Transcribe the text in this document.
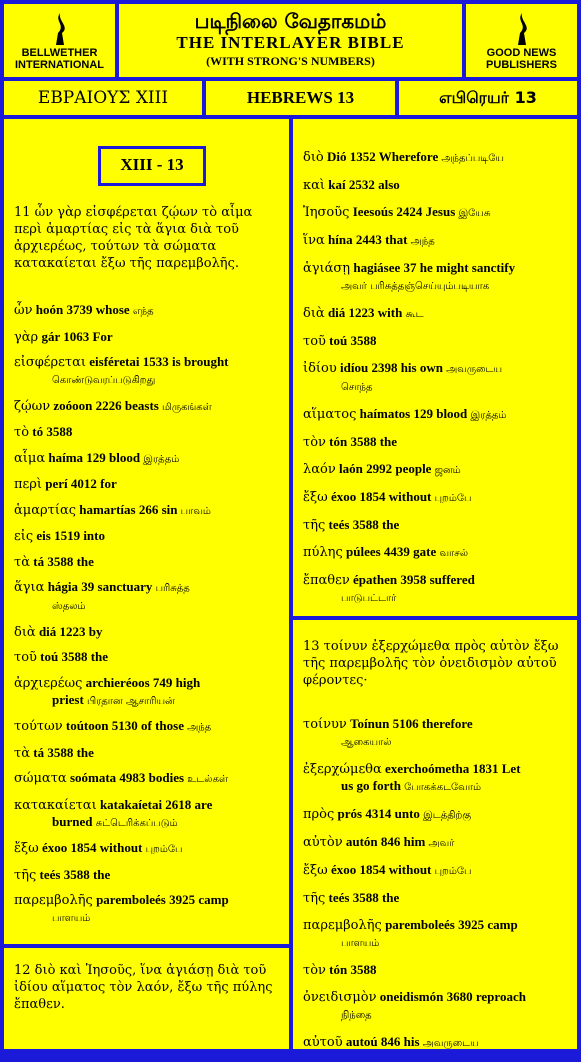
BELLWETHER INTERNATIONAL
படிநிலை வேதாகமம்
THE INTERLAYER BIBLE
(WITH STRONG'S NUMBERS)
GOOD NEWS PUBLISHERS
ΕΒΡΑΙΟΥΣ XIII	HEBREWS 13	எபிரெயர் 13
XIII - 13
11 ὧν γὰρ εἰσφέρεται ζῴων τὸ αἷμα περὶ ἁμαρτίας εἰς τὰ ἅγια διὰ τοῦ ἀρχιερέως, τούτων τὰ σώματα κατακαίεται ἔξω τῆς παρεμβολῆς.
ὧν hoón 3739 whose எந்த
γὰρ gár 1063 For
εἰσφέρεται eisféretai 1533 is brought
கொண்டுவரப்படுகிறது
ζῴων zoóoon 2226 beasts மிருகங்கள்
τὸ tó 3588
αἷμα haíma 129 blood இரத்தம்
περὶ perí 4012 for
ἁμαρτίας hamartías 266 sin பாவம்
εἰς eis 1519 into
τὰ tá 3588 the
ἅγια hágia 39 sanctuary பரிசுத்த
ஸ்தலம்
διὰ diá 1223 by
τοῦ toú 3588 the
ἀρχιερέως archieréoos 749 high
priest பிரதான ஆசாரியன்
τούτων toútoon 5130 of those அந்த
τὰ tá 3588 the
σώματα soómata 4983 bodies உடல்கள்
κατακαίεται katakaíetai 2618 are
burned சுட்டெரிக்கப்படும்
ἔξω éxoo 1854 without புறம்பே
τῆς teés 3588 the
παρεμβολῆς paremboleés 3925 camp
பாளயம்
12 διὸ καὶ Ἰησοῦς, ἵνα ἁγιάσῃ διὰ τοῦ ἰδίου αἵματος τὸν λαόν, ἔξω τῆς πύλης ἔπαθεν.
διὸ Dió 1352 Wherefore அந்தப்படியே
καὶ kaí 2532 also
Ἰησοῦς Ieesoús 2424 Jesus இயேசு
ἵνα hína 2443 that அந்த
ἁγιάσῃ hagiásee 37 he might sanctify
அவர் பரிசுத்தஞ்செய்யும்படியாக
διὰ diá 1223 with கூட
τοῦ toú 3588
ἰδίου idíou 2398 his own அவருடைய
சொந்த
αἵματος haímatos 129 blood இரத்தம்
τὸν tón 3588 the
λαόν laón 2992 people ஜனம்
ἔξω éxoo 1854 without புறம்பே
τῆς teés 3588 the
πύλης púlees 4439 gate வாசல்
ἔπαθεν épathen 3958 suffered
பாடுபட்டார்
13 τοίνυν ἐξερχώμεθα πρὸς αὐτὸν ἔξω τῆς παρεμβολῆς τὸν ὀνειδισμὸν αὐτοῦ φέροντες·
τοίνυν Toínun 5106 therefore
ஆகையால்
ἐξερχώμεθα exerchoómetha 1831 Let
us go forth போகக்கடவோம்
πρὸς prós 4314 unto இடத்திற்கு
αὐτὸν autón 846 him அவர்
ἔξω éxoo 1854 without புறம்பே
τῆς teés 3588 the
παρεμβολῆς paremboleés 3925 camp
பாளயம்
τὸν tón 3588
ὀνειδισμὸν oneidismón 3680 reproach
நிந்தை
αὐτοῦ autoú 846 his அவருடைய
